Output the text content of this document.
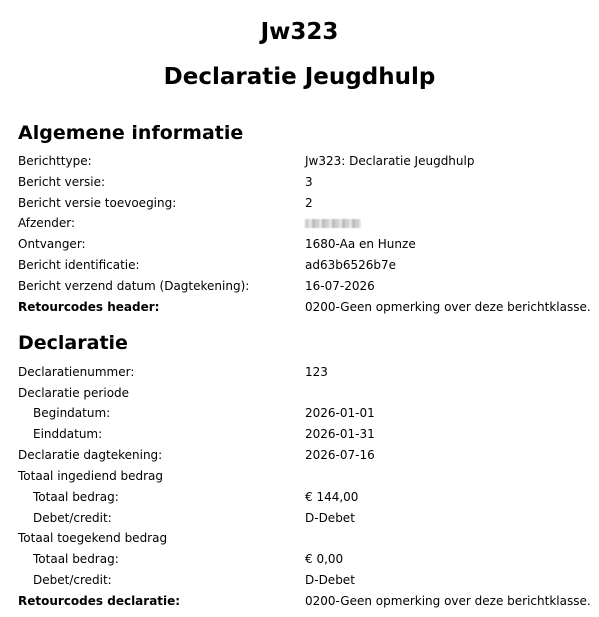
Jw323
Declaratie Jeugdhulp
Algemene informatie
Berichttype:	Jw323: Declaratie Jeugdhulp
Bericht versie:	3
Bericht versie toevoeging:	2
Afzender:
Ontvanger:	1680-Aa en Hunze
Bericht identificatie:	ad63b6526b7e
Bericht verzend datum (Dagtekening):	16-07-2026
Retourcodes header:	0200-Geen opmerking over deze berichtklasse.
Declaratie
Declaratienummer:	123
Declaratie periode
Begindatum:	2026-01-01
Einddatum:	2026-01-31
Declaratie dagtekening:	2026-07-16
Totaal ingediend bedrag
Totaal bedrag:	€ 144,00
Debet/credit:	D-Debet
Totaal toegekend bedrag
Totaal bedrag:	€ 0,00
Debet/credit:	D-Debet
Retourcodes declaratie:	0200-Geen opmerking over deze berichtklasse.
